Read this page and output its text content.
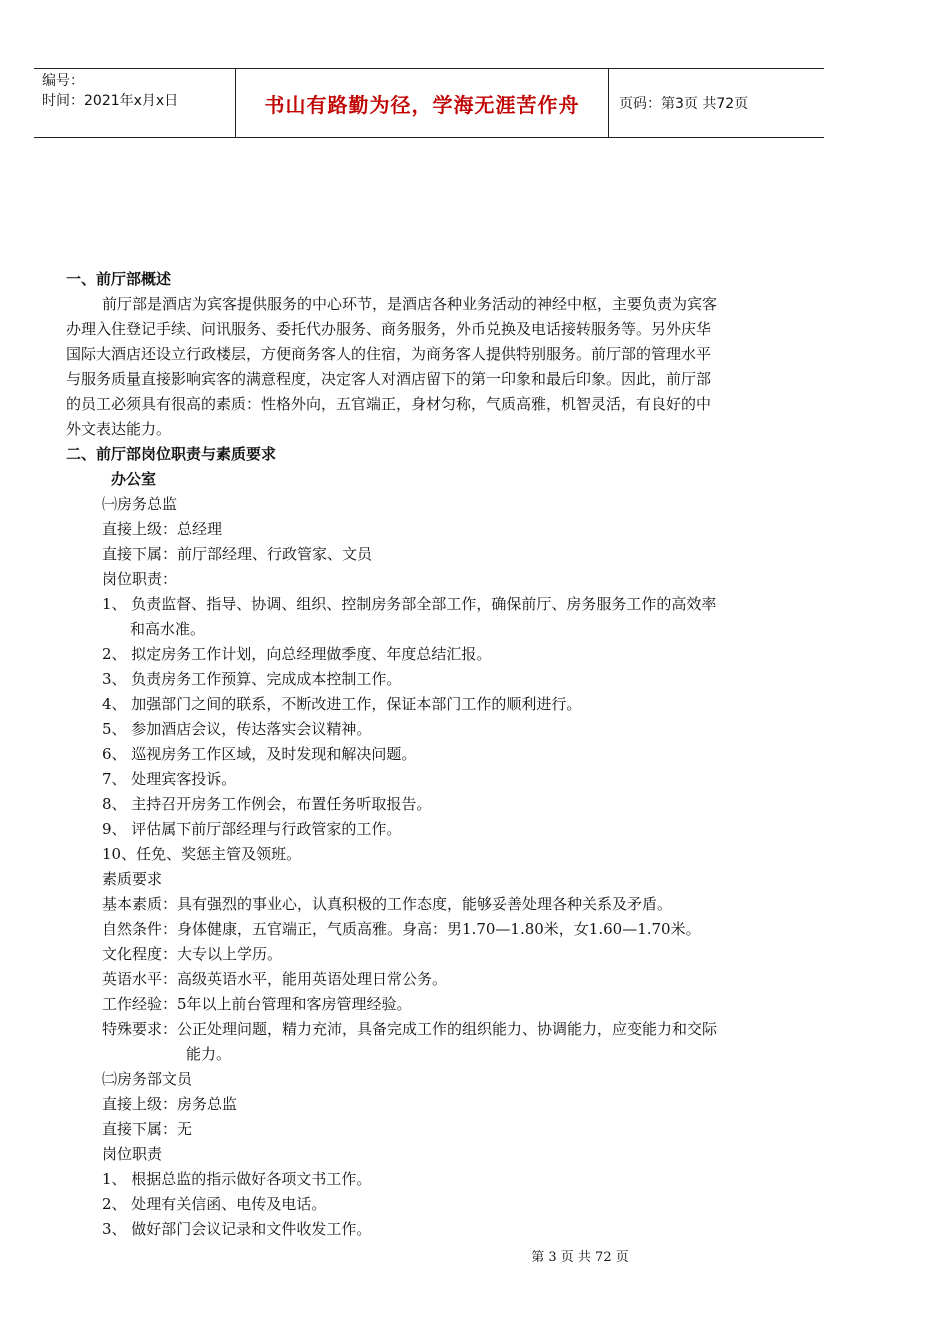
编号：
时间：2021年x月x日	书山有路勤为径，学海无涯苦作舟	页码：第3页 共72页
一、前厅部概述
前厅部是酒店为宾客提供服务的中心环节，是酒店各种业务活动的神经中枢，主要负责为宾客
办理入住登记手续、问讯服务、委托代办服务、商务服务，外币兑换及电话接转服务等。另外庆华
国际大酒店还设立行政楼层，方便商务客人的住宿，为商务客人提供特别服务。前厅部的管理水平
与服务质量直接影响宾客的满意程度，决定客人对酒店留下的第一印象和最后印象。因此，前厅部
的员工必须具有很高的素质：性格外向，五官端正，身材匀称，气质高雅，机智灵活，有良好的中
外文表达能力。
二、前厅部岗位职责与素质要求
办公室
㈠房务总监
直接上级：总经理
直接下属：前厅部经理、行政管家、文员
岗位职责：
1、 负责监督、指导、协调、组织、控制房务部全部工作，确保前厅、房务服务工作的高效率
和高水准。
2、 拟定房务工作计划，向总经理做季度、年度总结汇报。
3、 负责房务工作预算、完成成本控制工作。
4、 加强部门之间的联系，不断改进工作，保证本部门工作的顺利进行。
5、 参加酒店会议，传达落实会议精神。
6、 巡视房务工作区域，及时发现和解决问题。
7、 处理宾客投诉。
8、 主持召开房务工作例会，布置任务听取报告。
9、 评估属下前厅部经理与行政管家的工作。
10、任免、奖惩主管及领班。
素质要求
基本素质：具有强烈的事业心，认真积极的工作态度，能够妥善处理各种关系及矛盾。
自然条件：身体健康，五官端正，气质高雅。身高：男1.70—1.80米，女1.60—1.70米。
文化程度：大专以上学历。
英语水平：高级英语水平，能用英语处理日常公务。
工作经验：5年以上前台管理和客房管理经验。
特殊要求：公正处理问题，精力充沛，具备完成工作的组织能力、协调能力，应变能力和交际
能力。
㈡房务部文员
直接上级：房务总监
直接下属：无
岗位职责
1、 根据总监的指示做好各项文书工作。
2、 处理有关信函、电传及电话。
3、 做好部门会议记录和文件收发工作。
第 3 页 共 72 页
